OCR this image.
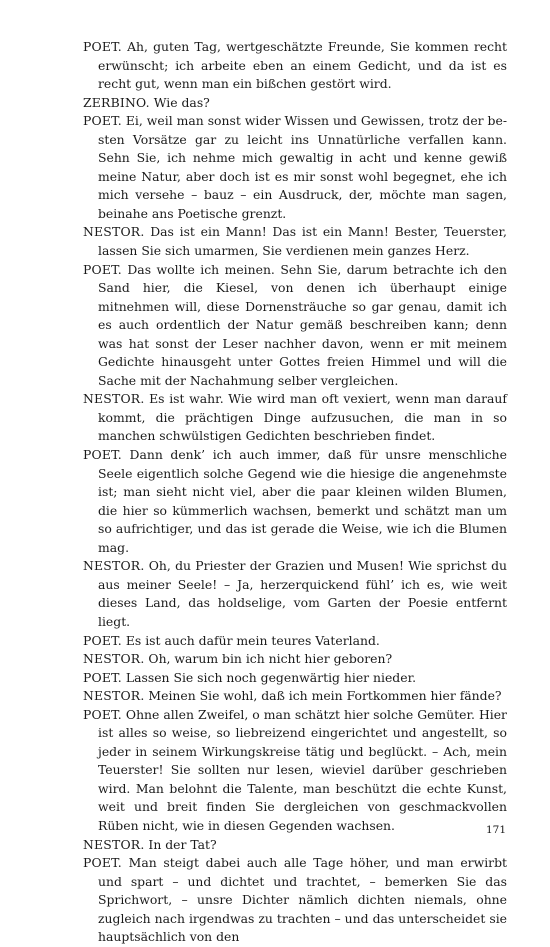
POET. Ah, guten Tag, wertgeschätzte Freunde, Sie kommen recht erwünscht; ich arbeite eben an einem Gedicht, und da ist es recht gut, wenn man ein bißchen gestört wird.

ZERBINO. Wie das?

POET. Ei, weil man sonst wider Wissen und Gewissen, trotz der besten Vorsätze gar zu leicht ins Unnatürliche verfallen kann. Sehn Sie, ich nehme mich gewaltig in acht und kenne gewiß meine Natur, aber doch ist es mir sonst wohl begegnet, ehe ich mich versehe – bauz – ein Ausdruck, der, möchte man sagen, beinahe ans Poetische grenzt.

NESTOR. Das ist ein Mann! Das ist ein Mann! Bester, Teuerster, lassen Sie sich umarmen, Sie verdienen mein ganzes Herz.

POET. Das wollte ich meinen. Sehn Sie, darum betrachte ich den Sand hier, die Kiesel, von denen ich überhaupt einige mitnehmen will, diese Dornensträuche so gar genau, damit ich es auch ordentlich der Natur gemäß beschreiben kann; denn was hat sonst der Leser nachher davon, wenn er mit meinem Gedichte hinausgeht unter Gottes freien Himmel und will die Sache mit der Nachahmung selber vergleichen.

NESTOR. Es ist wahr. Wie wird man oft vexiert, wenn man darauf kommt, die prächtigen Dinge aufzusuchen, die man in so manchen schwülstigen Gedichten beschrieben findet.

POET. Dann denk’ ich auch immer, daß für unsre menschliche Seele eigentlich solche Gegend wie die hiesige die angenehmste ist; man sieht nicht viel, aber die paar kleinen wilden Blumen, die hier so kümmerlich wachsen, bemerkt und schätzt man um so aufrichtiger, und das ist gerade die Weise, wie ich die Blumen mag.

NESTOR. Oh, du Priester der Grazien und Musen! Wie sprichst du aus meiner Seele! – Ja, herzerquickend fühl’ ich es, wie weit dieses Land, das holdselige, vom Garten der Poesie entfernt liegt.

POET. Es ist auch dafür mein teures Vaterland.

NESTOR. Oh, warum bin ich nicht hier geboren?

POET. Lassen Sie sich noch gegenwärtig hier nieder.

NESTOR. Meinen Sie wohl, daß ich mein Fortkommen hier fände?

POET. Ohne allen Zweifel, o man schätzt hier solche Gemüter. Hier ist alles so weise, so liebreizend eingerichtet und angestellt, so jeder in seinem Wirkungskreise tätig und beglückt. – Ach, mein Teuerster! Sie sollten nur lesen, wieviel darüber geschrieben wird. Man belohnt die Talente, man beschützt die echte Kunst, weit und breit finden Sie dergleichen von geschmackvollen Rüben nicht, wie in diesen Gegenden wachsen.

NESTOR. In der Tat?

POET. Man steigt dabei auch alle Tage höher, und man erwirbt und spart – und dichtet und trachtet, – bemerken Sie das Sprichwort, – unsre Dichter nämlich dichten niemals, ohne zugleich nach irgendwas zu trachten – und das unterscheidet sie hauptsächlich von den

171
